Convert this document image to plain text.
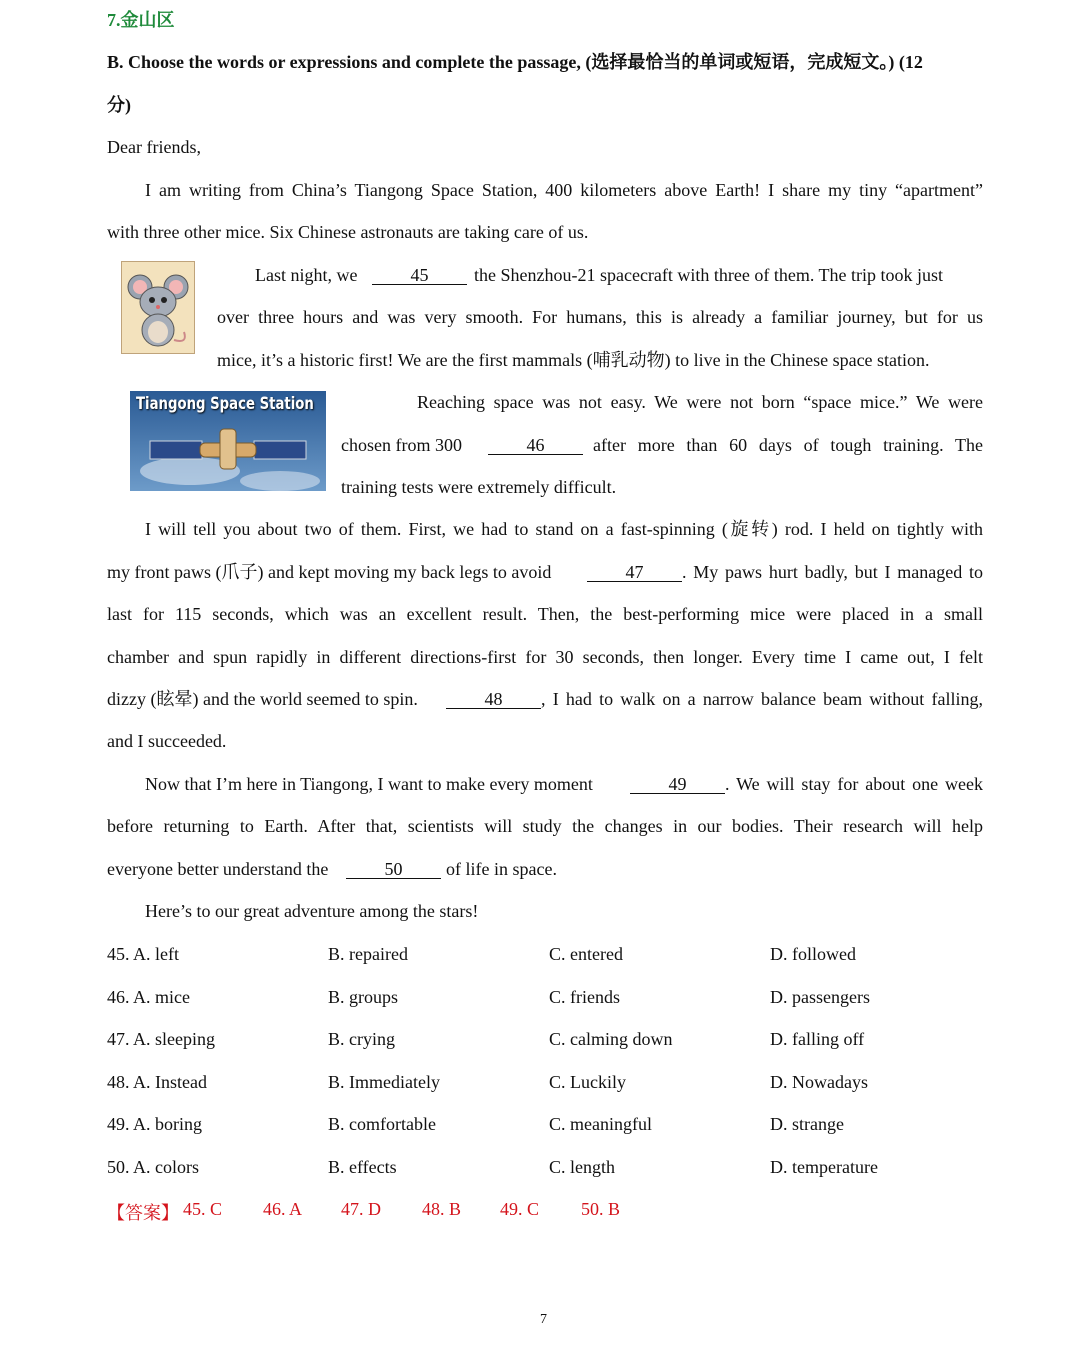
7.金山区
B. Choose the words or expressions and complete the passage, (选择最恰当的单词或短语，完成短文。) (12
分)
Dear friends,
I am writing from China’s Tiangong Space Station, 400 kilometers above Earth! I share my tiny “apartment”
with three other mice. Six Chinese astronauts are taking care of us.
Last night, we	45	the Shenzhou-21 spacecraft with three of them. The trip took just
over three hours and was very smooth. For humans, this is already a familiar journey, but for us
mice, it’s a historic first! We are the first mammals (哺乳动物) to live in the Chinese space station.
Tiangong Space Station	Reaching space was not easy. We were not born “space mice.” We were
chosen from 300	46	after more than 60 days of tough training. The
training tests were extremely difficult.
I will tell you about two of them. First, we had to stand on a fast-spinning (旋转) rod. I held on tightly with
my front paws (爪子) and kept moving my back legs to avoid	47	. My paws hurt badly, but I managed to
last for 115 seconds, which was an excellent result. Then, the best-performing mice were placed in a small
chamber and spun rapidly in different directions-first for 30 seconds, then longer. Every time I came out, I felt
dizzy (眩晕) and the world seemed to spin.	48	, I had to walk on a narrow balance beam without falling,
and I succeeded.
Now that I’m here in Tiangong, I want to make every moment	49	. We will stay for about one week
before returning to Earth. After that, scientists will study the changes in our bodies. Their research will help
everyone better understand the	50	of life in space.
Here’s to our great adventure among the stars!
45. A. left	B. repaired	C. entered	D. followed
46. A. mice	B. groups	C. friends	D. passengers
47. A. sleeping	B. crying	C. calming down	D. falling off
48. A. Instead	B. Immediately	C. Luckily	D. Nowadays
49. A. boring	B. comfortable	C. meaningful	D. strange
50. A. colors	B. effects	C. length	D. temperature
【答案】 45. C 46. A 47. D 48. B 49. C 50. B
7
